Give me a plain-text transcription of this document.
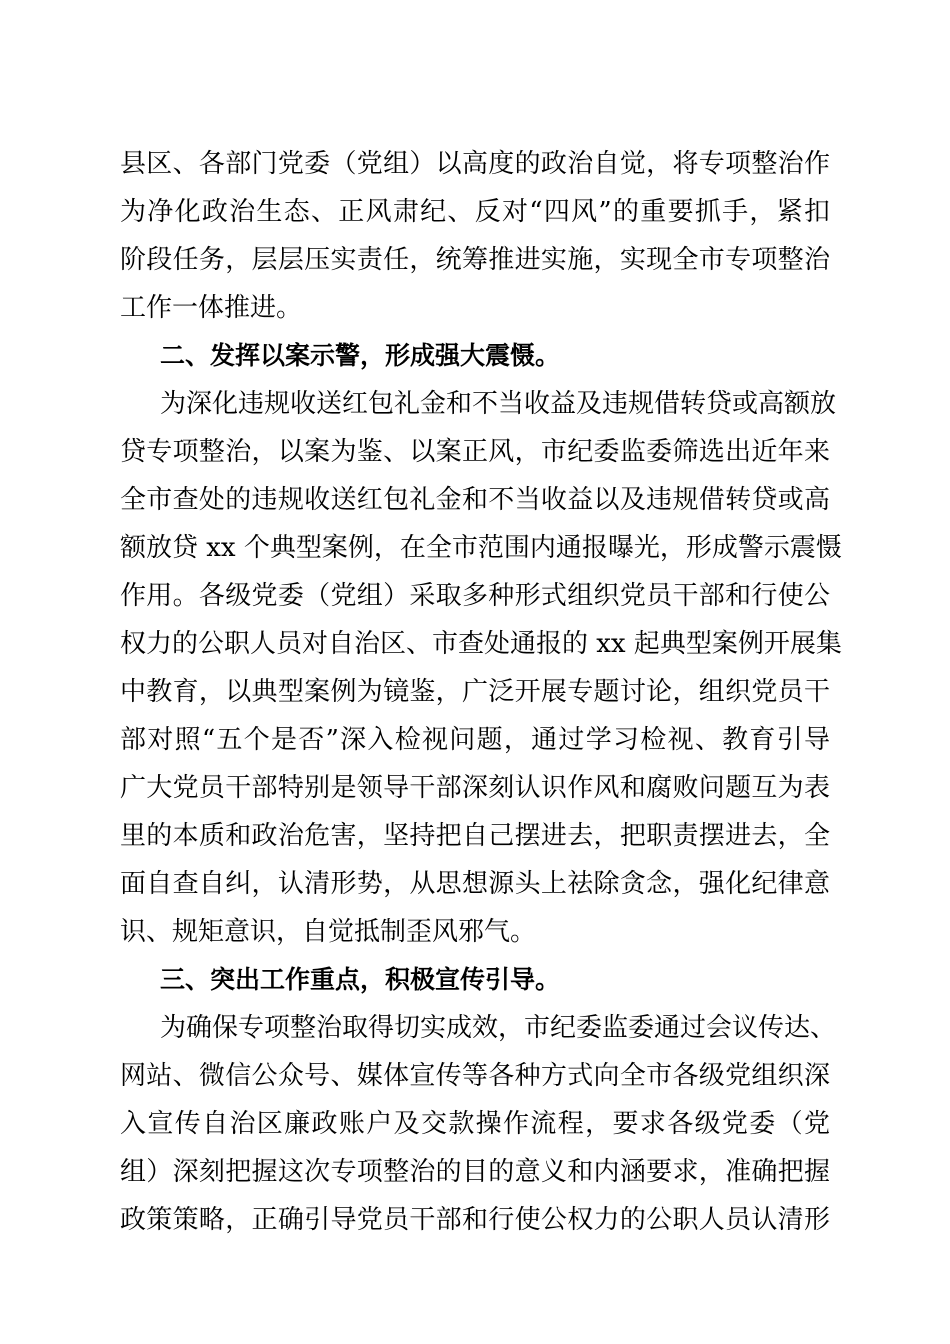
县区、各部门党委（党组）以高度的政治自觉，将专项整治作
为净化政治生态、正风肃纪、反对“四风”的重要抓手，紧扣
阶段任务，层层压实责任，统筹推进实施，实现全市专项整治
工作一体推进。
二、发挥以案示警，形成强大震慑。
为深化违规收送红包礼金和不当收益及违规借转贷或高额放
贷专项整治，以案为鉴、以案正风，市纪委监委筛选出近年来
全市查处的违规收送红包礼金和不当收益以及违规借转贷或高
额放贷 xx 个典型案例，在全市范围内通报曝光，形成警示震慑
作用。各级党委（党组）采取多种形式组织党员干部和行使公
权力的公职人员对自治区、市查处通报的 xx 起典型案例开展集
中教育，以典型案例为镜鉴，广泛开展专题讨论，组织党员干
部对照“五个是否”深入检视问题，通过学习检视、教育引导
广大党员干部特别是领导干部深刻认识作风和腐败问题互为表
里的本质和政治危害，坚持把自己摆进去，把职责摆进去，全
面自查自纠，认清形势，从思想源头上祛除贪念，强化纪律意
识、规矩意识，自觉抵制歪风邪气。
三、突出工作重点，积极宣传引导。
为确保专项整治取得切实成效，市纪委监委通过会议传达、
网站、微信公众号、媒体宣传等各种方式向全市各级党组织深
入宣传自治区廉政账户及交款操作流程，要求各级党委（党
组）深刻把握这次专项整治的目的意义和内涵要求，准确把握
政策策略，正确引导党员干部和行使公权力的公职人员认清形
